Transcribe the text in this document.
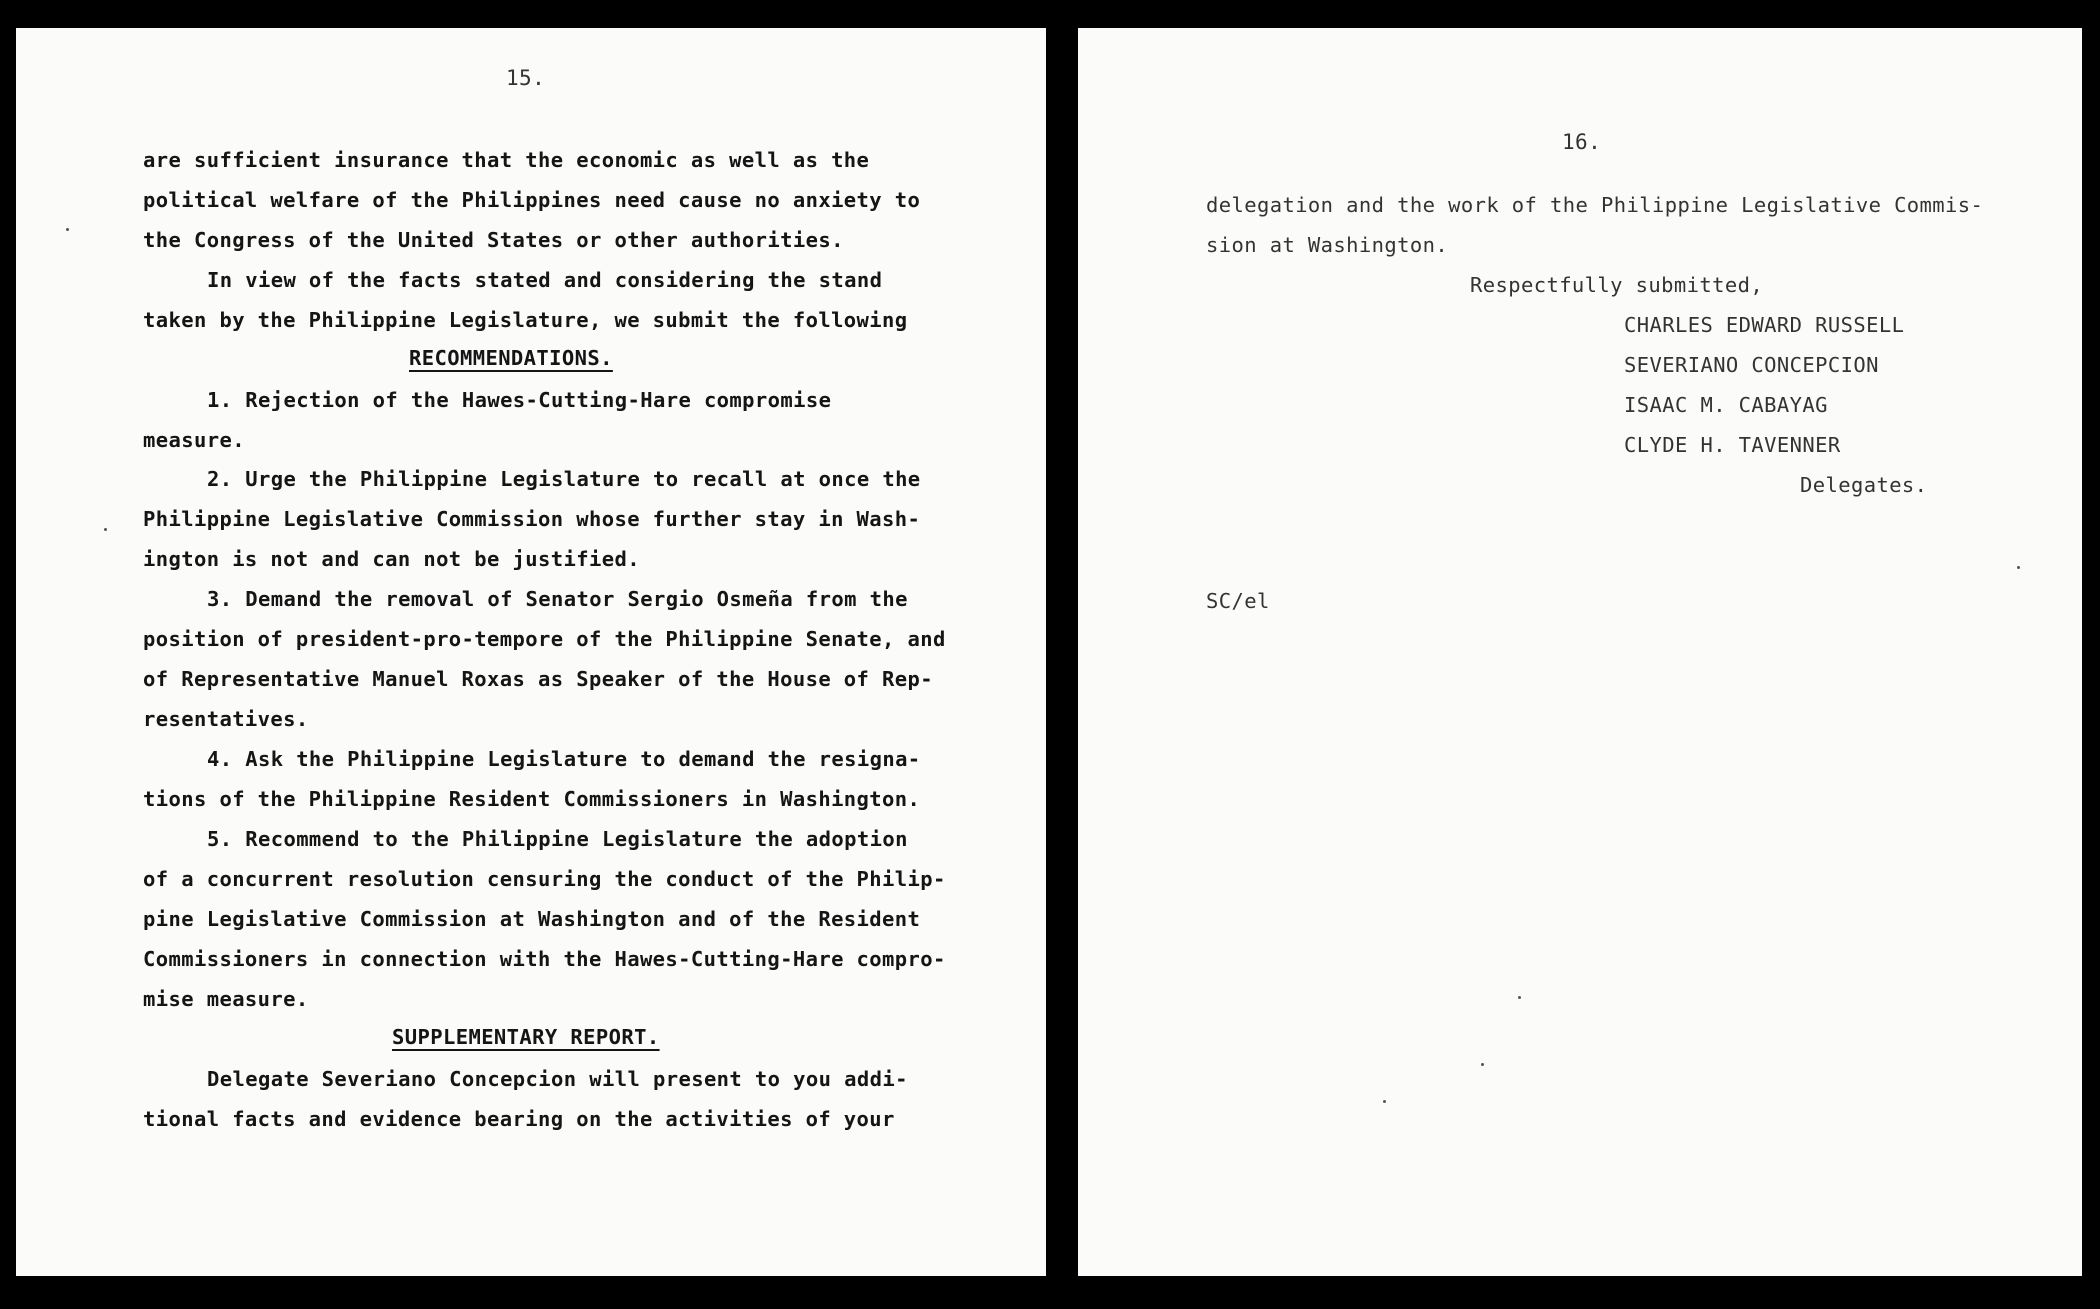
15.
are sufficient insurance that the economic as well as the
political welfare of the Philippines need cause no anxiety to
the Congress of the United States or other authorities.
In view of the facts stated and considering the stand
taken by the Philippine Legislature, we submit the following
RECOMMENDATIONS.
1. Rejection of the Hawes-Cutting-Hare compromise
measure.
2. Urge the Philippine Legislature to recall at once the
Philippine Legislative Commission whose further stay in Wash-
ington is not and can not be justified.
3. Demand the removal of Senator Sergio Osmeña from the
position of president-pro-tempore of the Philippine Senate, and
of Representative Manuel Roxas as Speaker of the House of Rep-
resentatives.
4. Ask the Philippine Legislature to demand the resigna-
tions of the Philippine Resident Commissioners in Washington.
5. Recommend to the Philippine Legislature the adoption
of a concurrent resolution censuring the conduct of the Philip-
pine Legislative Commission at Washington and of the Resident
Commissioners in connection with the Hawes-Cutting-Hare compro-
mise measure.
SUPPLEMENTARY REPORT.
Delegate Severiano Concepcion will present to you addi-
tional facts and evidence bearing on the activities of your
16.
delegation and the work of the Philippine Legislative Commis-
sion at Washington.
Respectfully submitted,
CHARLES EDWARD RUSSELL
SEVERIANO CONCEPCION
ISAAC M. CABAYAG
CLYDE H. TAVENNER
Delegates.
SC/el
